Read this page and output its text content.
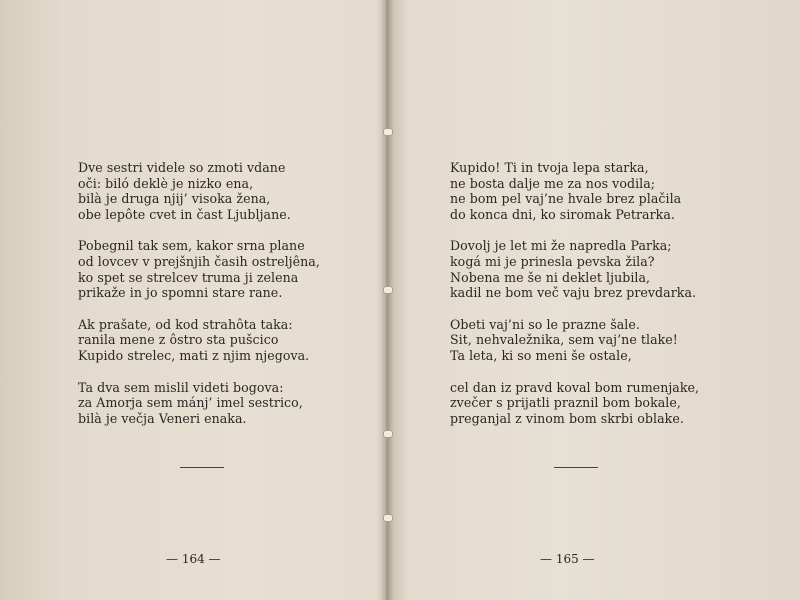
Dve sestri videle so zmoti vdane
oči: biló deklè je nizko ena,
bilà je druga njij’ visoka žena,
obe lepôte cvet in čast Ljubljane.
Pobegnil tak sem, kakor srna plane
od lovcev v prejšnjih časih ostreljêna,
ko spet se strelcev truma ji zelena
prikaže in jo spomni stare rane.
Ak prašate, od kod strahôta taka:
ranila mene z ôstro sta pušcico
Kupido strelec, mati z njim njegova.
Ta dva sem mislil videti bogova:
za Amorja sem mánj’ imel sestrico,
bilà je večja Veneri enaka.
— 164 —
Kupido! Ti in tvoja lepa starka,
ne bosta dalje me za nos vodila;
ne bom pel vaj’ne hvale brez plačila
do konca dni, ko siromak Petrarka.
Dovolj je let mi že napredla Parka;
kogá mi je prinesla pevska žila?
Nobena me še ni deklet ljubila,
kadil ne bom več vaju brez prevdarka.
Obeti vaj’ni so le prazne šale.
Sit, nehvaležnika, sem vaj’ne tlake!
Ta leta, ki so meni še ostale,
cel dan iz pravd koval bom rumenjake,
zvečer s prijatli praznil bom bokale,
preganjal z vinom bom skrbi oblake.
— 165 —
